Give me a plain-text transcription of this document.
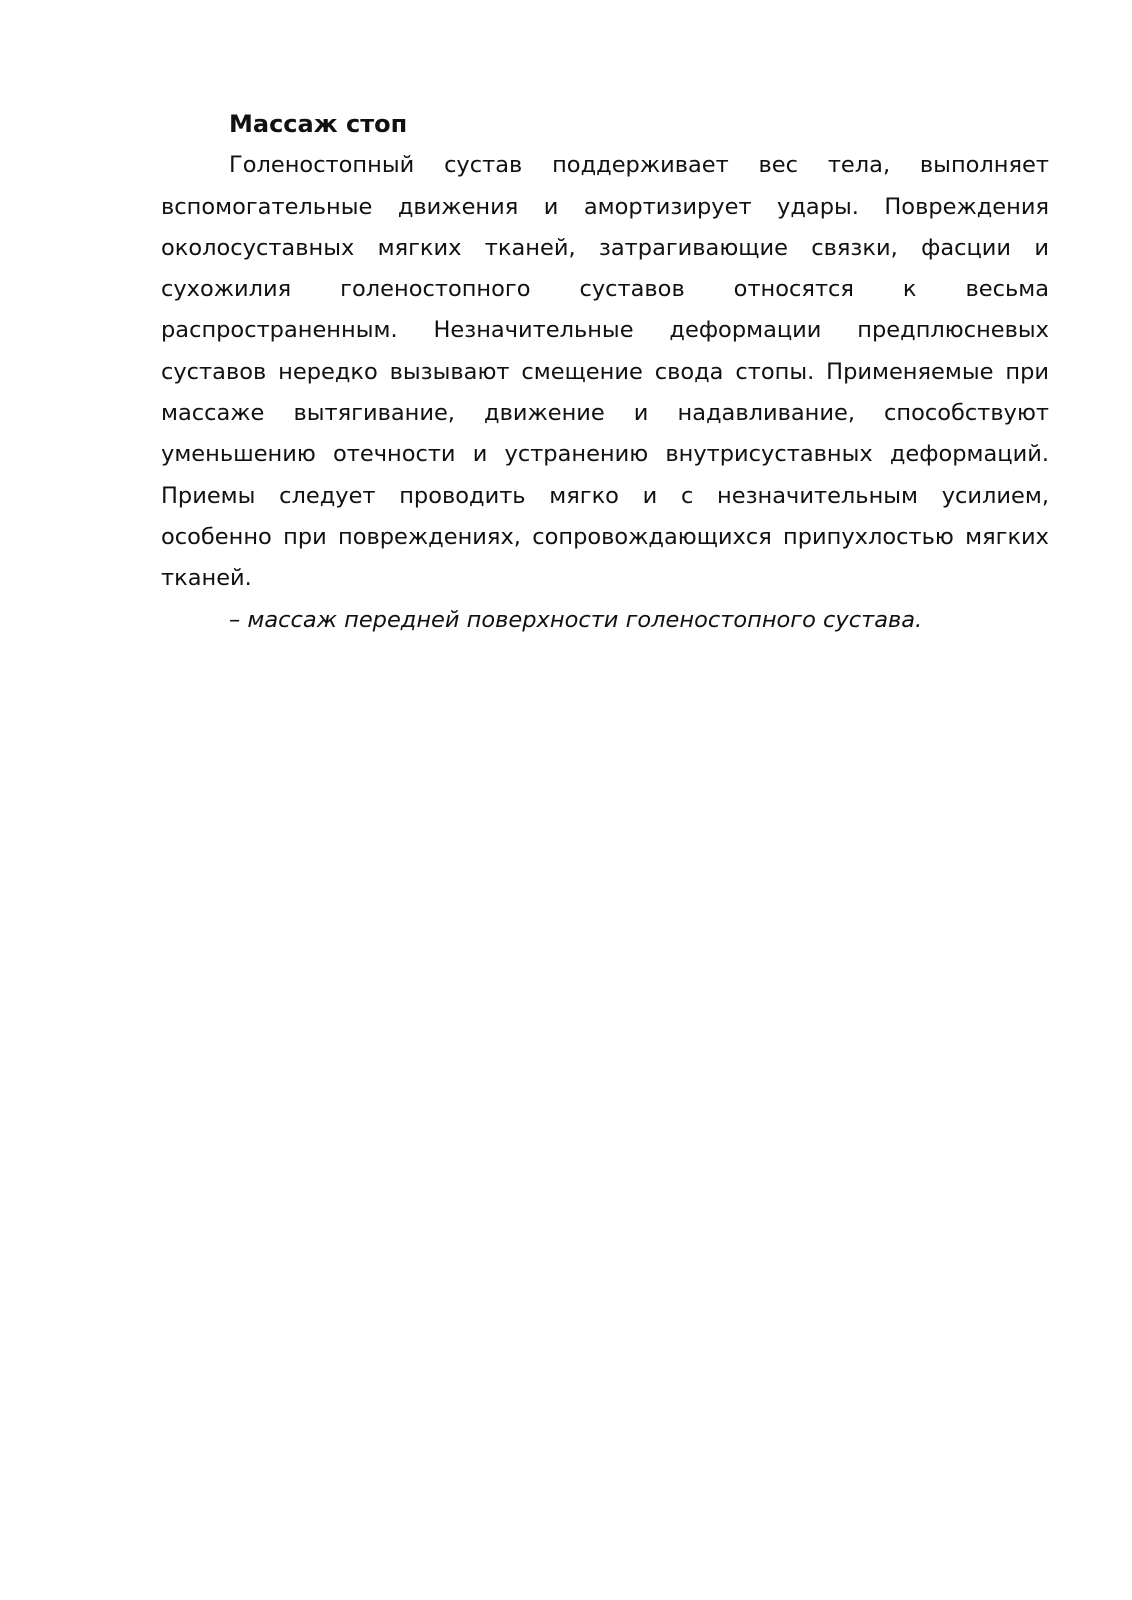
Массаж стоп

Голеностопный сустав поддерживает вес тела, выполняет вспомогательные движения и амортизирует удары. Повреждения околосуставных мягких тканей, затрагивающие связки, фасции и сухожилия голеностопного суставов относятся к весьма распространенным. Незначительные деформации предплюсневых суставов нередко вызывают смещение свода стопы. Применяемые при массаже вытягивание, движение и надавливание, способствуют уменьшению отечности и устранению внутрисуставных деформаций. Приемы следует проводить мягко и с незначительным усилием, особенно при повреждениях, сопровождающихся припухлостью мягких тканей.

– массаж передней поверхности голеностопного сустава.
